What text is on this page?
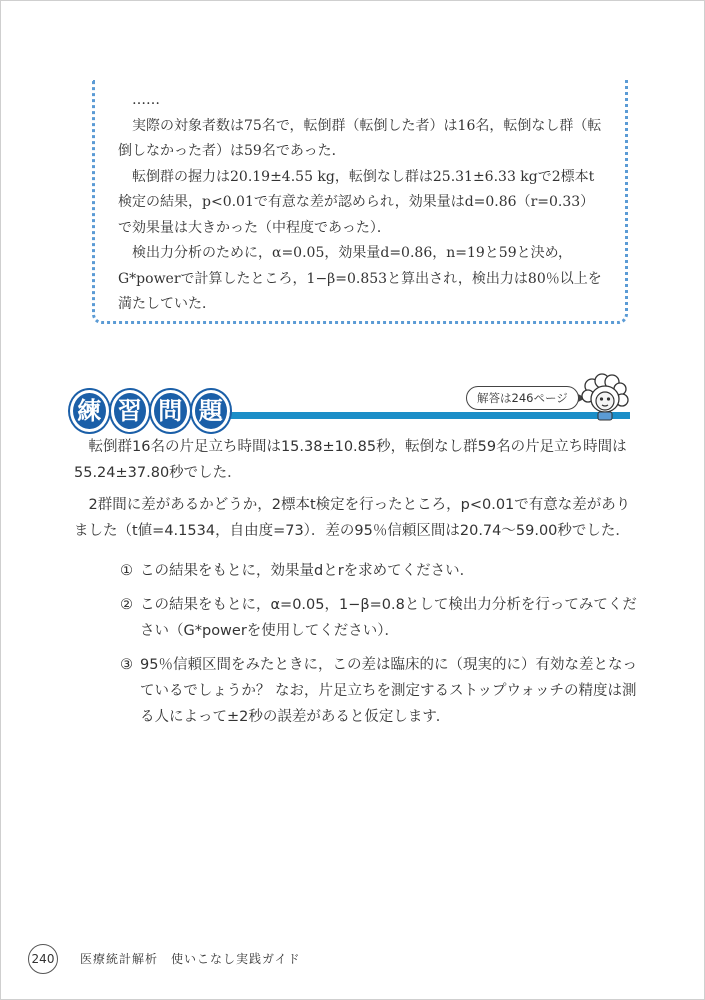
……

実際の対象者数は75名で，転倒群（転倒した者）は16名，転倒なし群（転倒しなかった者）は59名であった．

転倒群の握力は20.19±4.55 kg，転倒なし群は25.31±6.33 kgで2標本t検定の結果，p<0.01で有意な差が認められ，効果量はd=0.86（r=0.33）で効果量は大きかった（中程度であった）．

検出力分析のために，α=0.05，効果量d=0.86，n=19と59と決め，G*powerで計算したところ，1−β=0.853と算出され，検出力は80％以上を満たしていた．

練 習 問 題	解答は246ページ

転倒群16名の片足立ち時間は15.38±10.85秒，転倒なし群59名の片足立ち時間は55.24±37.80秒でした．

2群間に差があるかどうか，2標本t検定を行ったところ，p<0.01で有意な差がありました（t値=4.1534，自由度=73）．差の95％信頼区間は20.74〜59.00秒でした．

① この結果をもとに，効果量dとrを求めてください．
② この結果をもとに，α=0.05，1−β=0.8として検出力分析を行ってみてください（G*powerを使用してください）．
③ 95％信頼区間をみたときに，この差は臨床的に（現実的に）有効な差となっているでしょうか？ なお，片足立ちを測定するストップウォッチの精度は測る人によって±2秒の誤差があると仮定します．
240 医療統計解析　使いこなし実践ガイド
